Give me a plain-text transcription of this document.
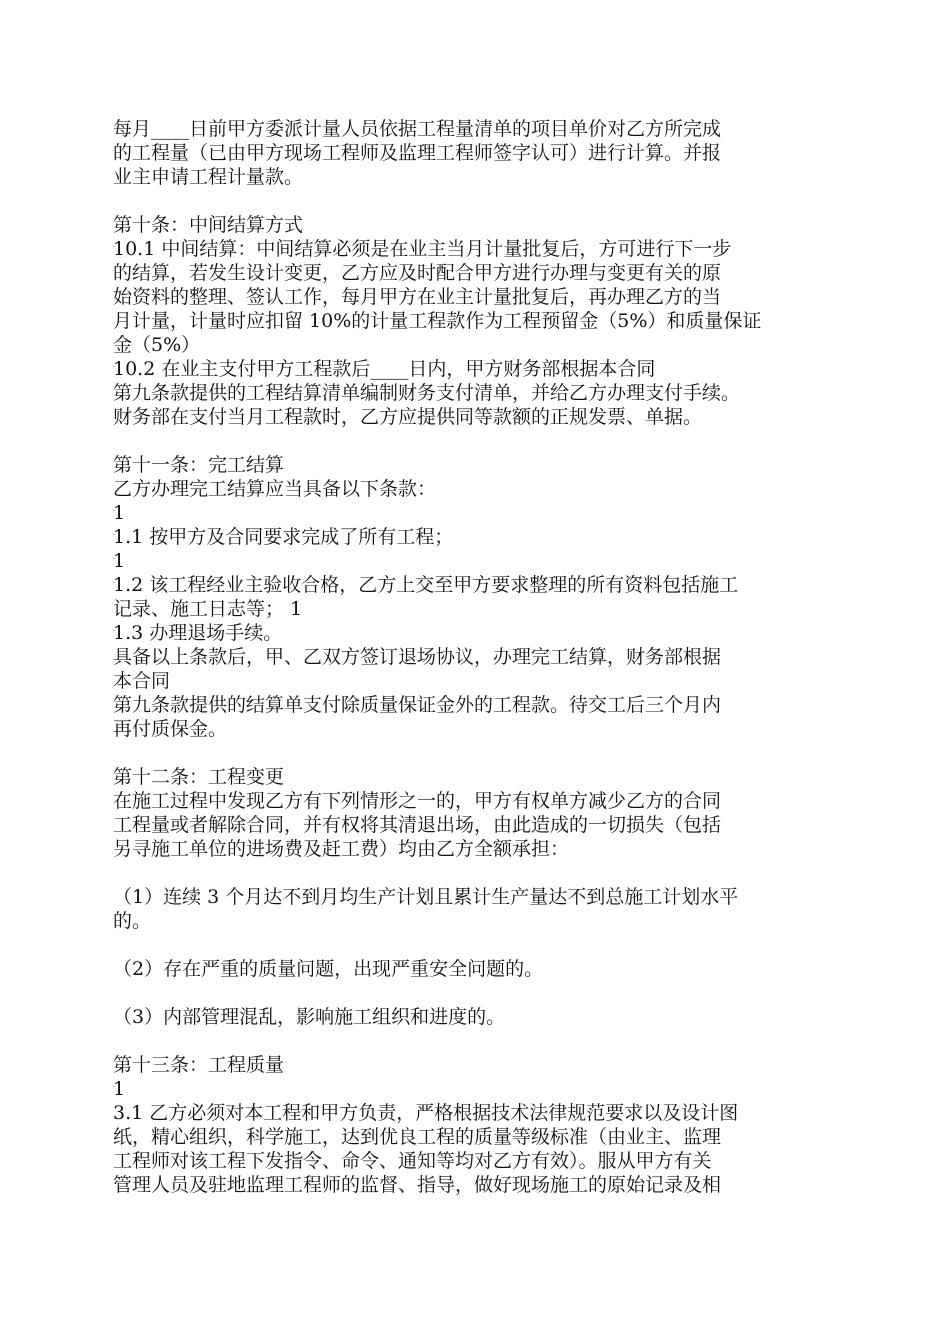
每月____日前甲方委派计量人员依据工程量清单的项目单价对乙方所完成
的工程量（已由甲方现场工程师及监理工程师签字认可）进行计算。并报
业主申请工程计量款。
第十条：中间结算方式
10.1 中间结算：中间结算必须是在业主当月计量批复后，方可进行下一步
的结算，若发生设计变更，乙方应及时配合甲方进行办理与变更有关的原
始资料的整理、签认工作，每月甲方在业主计量批复后，再办理乙方的当
月计量，计量时应扣留 10%的计量工程款作为工程预留金（5%）和质量保证
金（5%）
10.2 在业主支付甲方工程款后____日内，甲方财务部根据本合同
第九条款提供的工程结算清单编制财务支付清单，并给乙方办理支付手续。
财务部在支付当月工程款时，乙方应提供同等款额的正规发票、单据。
第十一条：完工结算
乙方办理完工结算应当具备以下条款：
1
1.1 按甲方及合同要求完成了所有工程；
1
1.2 该工程经业主验收合格，乙方上交至甲方要求整理的所有资料包括施工
记录、施工日志等； 1
1.3 办理退场手续。
具备以上条款后，甲、乙双方签订退场协议，办理完工结算，财务部根据
本合同
第九条款提供的结算单支付除质量保证金外的工程款。待交工后三个月内
再付质保金。
第十二条：工程变更
在施工过程中发现乙方有下列情形之一的，甲方有权单方减少乙方的合同
工程量或者解除合同，并有权将其清退出场，由此造成的一切损失（包括
另寻施工单位的进场费及赶工费）均由乙方全额承担：
（1）连续 3 个月达不到月均生产计划且累计生产量达不到总施工计划水平
的。
（2）存在严重的质量问题，出现严重安全问题的。
（3）内部管理混乱，影响施工组织和进度的。
第十三条：工程质量
1
3.1 乙方必须对本工程和甲方负责，严格根据技术法律规范要求以及设计图
纸，精心组织，科学施工，达到优良工程的质量等级标准（由业主、监理
工程师对该工程下发指令、命令、通知等均对乙方有效）。服从甲方有关
管理人员及驻地监理工程师的监督、指导，做好现场施工的原始记录及相
